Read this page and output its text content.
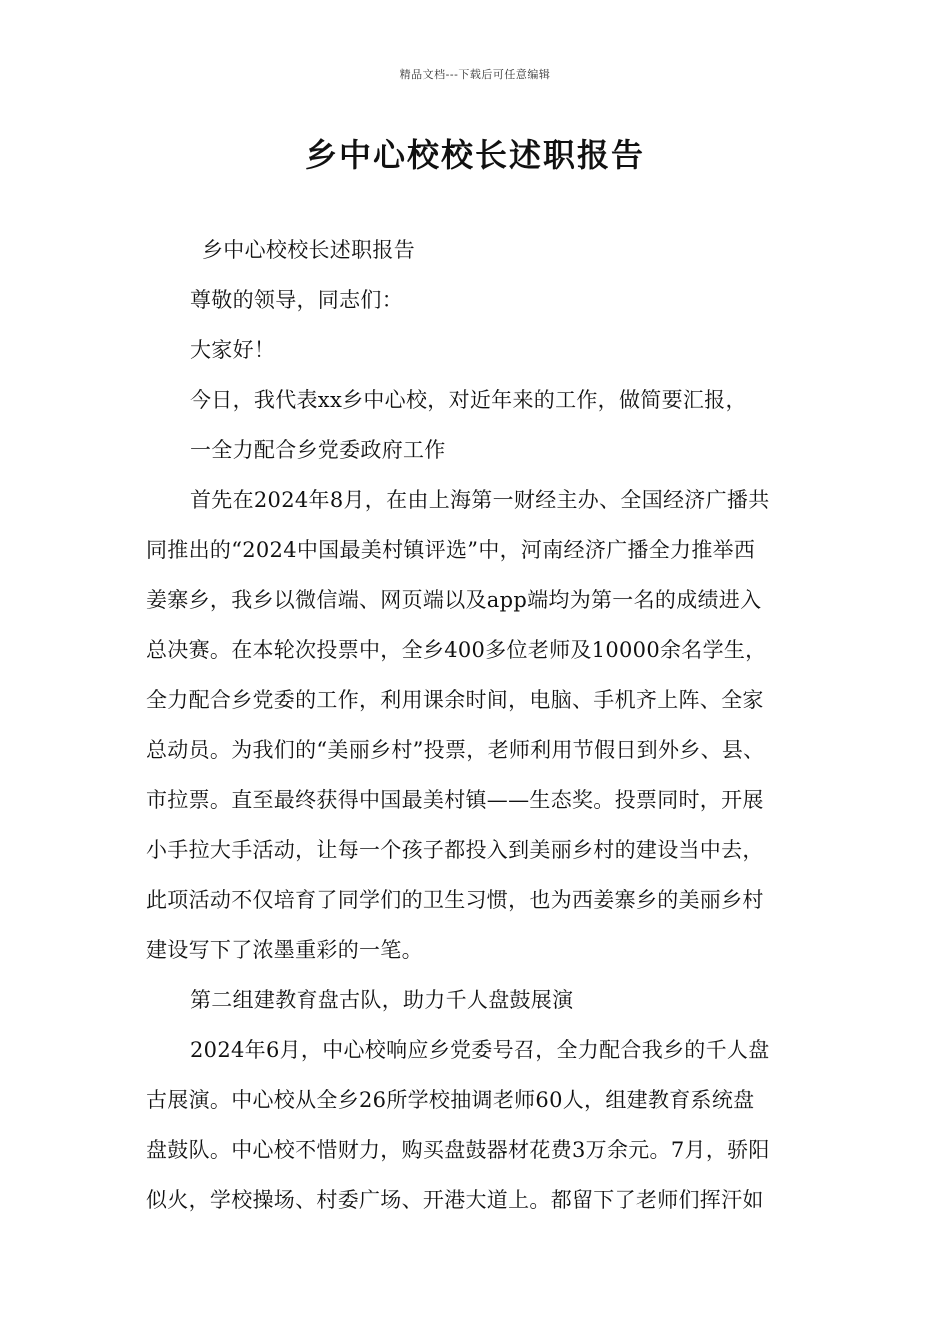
精品文档---下载后可任意编辑
乡中心校校长述职报告
乡中心校校长述职报告
尊敬的领导，同志们：
大家好！
今日，我代表xx乡中心校，对近年来的工作，做简要汇报，
一全力配合乡党委政府工作
首先在2024年8月，在由上海第一财经主办、全国经济广播共
同推出的“2024中国最美村镇评选”中，河南经济广播全力推举西
姜寨乡，我乡以微信端、网页端以及app端均为第一名的成绩进入
总决赛。在本轮次投票中，全乡400多位老师及10000余名学生，
全力配合乡党委的工作，利用课余时间，电脑、手机齐上阵、全家
总动员。为我们的“美丽乡村”投票，老师利用节假日到外乡、县、
市拉票。直至最终获得中国最美村镇——生态奖。投票同时，开展
小手拉大手活动，让每一个孩子都投入到美丽乡村的建设当中去，
此项活动不仅培育了同学们的卫生习惯，也为西姜寨乡的美丽乡村
建设写下了浓墨重彩的一笔。
第二组建教育盘古队，助力千人盘鼓展演
2024年6月，中心校响应乡党委号召，全力配合我乡的千人盘
古展演。中心校从全乡26所学校抽调老师60人，组建教育系统盘
盘鼓队。中心校不惜财力，购买盘鼓器材花费3万余元。7月，骄阳
似火，学校操场、村委广场、开港大道上。都留下了老师们挥汗如
